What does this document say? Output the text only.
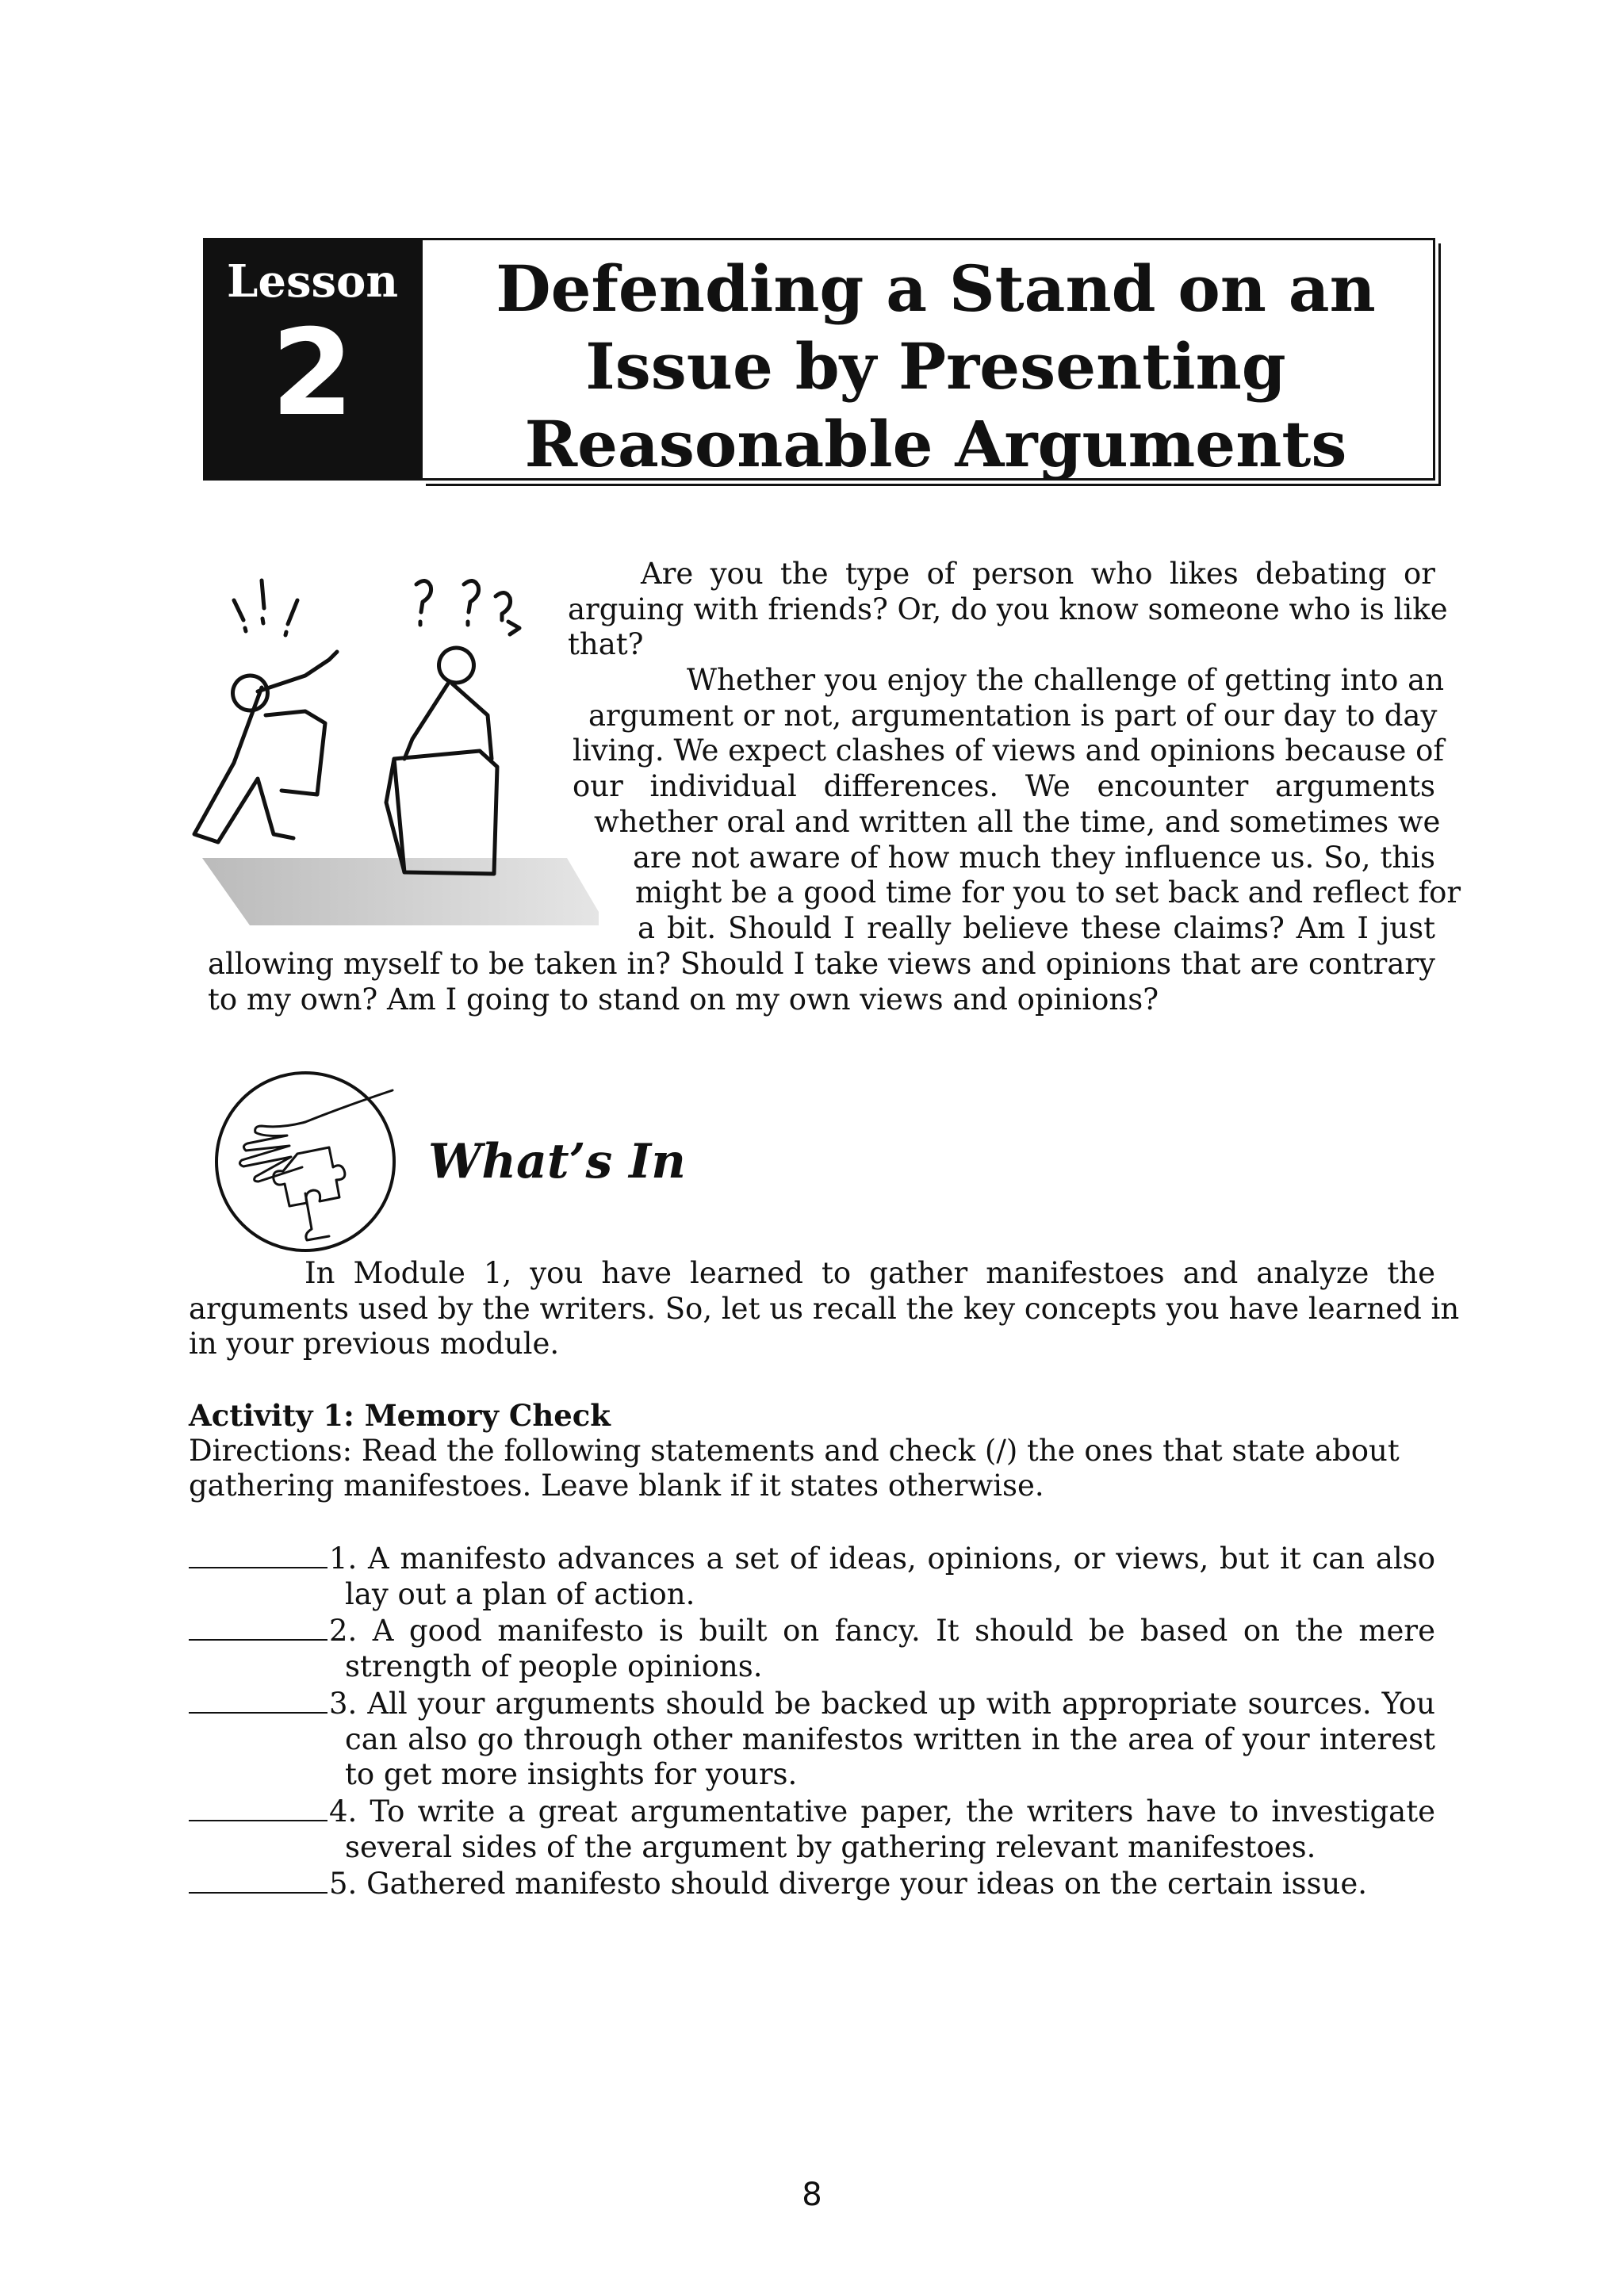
Lesson
2
Defending a Stand on an
Issue by Presenting
Reasonable Arguments
Are you the type of person who likes debating or
arguing with friends? Or, do you know someone who is like
that?
Whether you enjoy the challenge of getting into an
argument or not, argumentation is part of our day to day
living. We expect clashes of views and opinions because of
our individual differences. We encounter arguments
whether oral and written all the time, and sometimes we
are not aware of how much they influence us. So, this
might be a good time for you to set back and reflect for
a bit. Should I really believe these claims? Am I just
allowing myself to be taken in? Should I take views and opinions that are contrary
to my own? Am I going to stand on my own views and opinions?
What’s In
In Module 1, you have learned to gather manifestoes and analyze the
arguments used by the writers. So, let us recall the key concepts you have learned in
in your previous module.
Activity 1: Memory Check
Directions: Read the following statements and check (/) the ones that state about
gathering manifestoes. Leave blank if it states otherwise.
1. A manifesto advances a set of ideas, opinions, or views, but it can also
lay out a plan of action.
2. A good manifesto is built on fancy. It should be based on the mere
strength of people opinions.
3. All your arguments should be backed up with appropriate sources. You
can also go through other manifestos written in the area of your interest
to get more insights for yours.
4. To write a great argumentative paper, the writers have to investigate
several sides of the argument by gathering relevant manifestoes.
5. Gathered manifesto should diverge your ideas on the certain issue.
8
